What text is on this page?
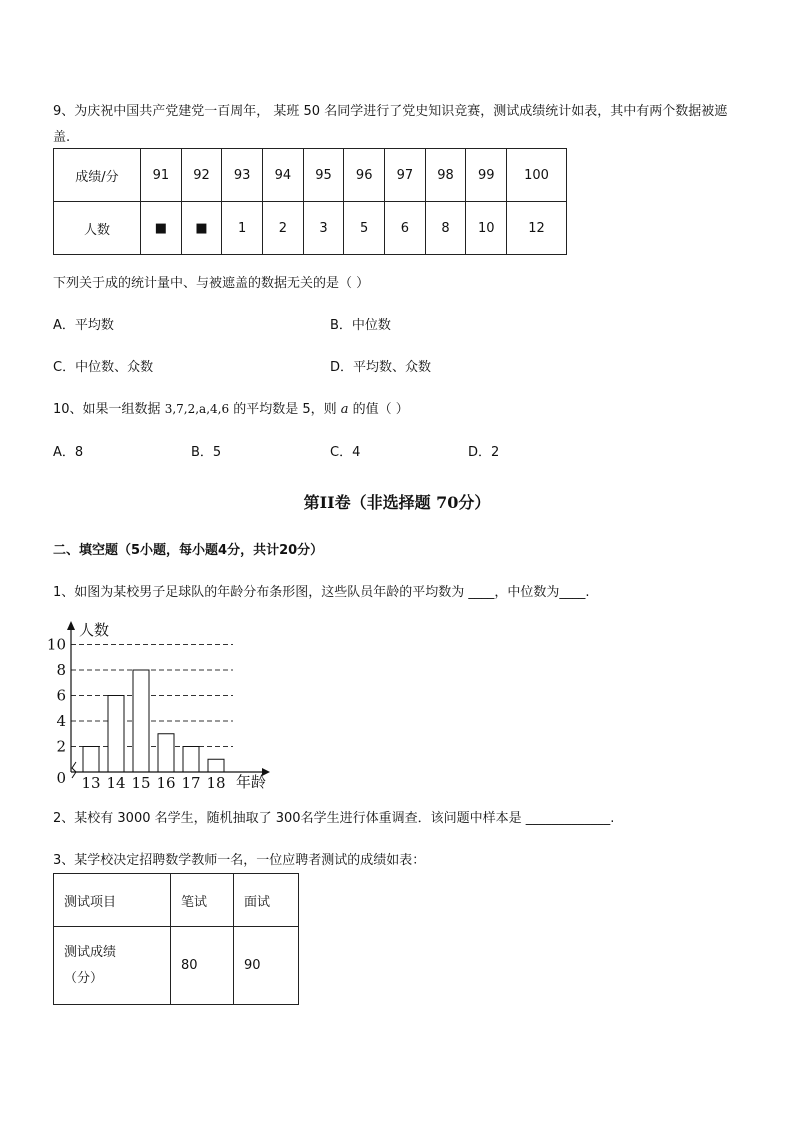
9、为庆祝中国共产党建党一百周年， 某班 50 名同学进行了党史知识竞赛，测试成绩统计如表，其中有两个数据被遮盖.
成绩/分	91	92	93	94	95	96	97	98	99	100
人数	■	■	1	2	3	5	6	8	10	12
下列关于成的统计量中、与被遮盖的数据无关的是（ ）
A．平均数	B．中位数
C．中位数、众数	D．平均数、众数
10、如果一组数据 3,7,2,a,4,6 的平均数是 5，则 a 的值（ ）
A．8	B．5	C．4	D．2
第II卷（非选择题 70分）
二、填空题（5小题，每小题4分，共计20分）
1、如图为某校男子足球队的年龄分布条形图，这些队员年龄的平均数为 ____，中位数为____.
人数
年龄
0
2
4
6
8
10
13 14 15 16 17 18
2、某校有 3000 名学生，随机抽取了 300名学生进行体重调查．该问题中样本是 _____________.
3、某学校决定招聘数学教师一名，一位应聘者测试的成绩如表：
测试项目	笔试	面试

测试成绩
（分）	80	90
